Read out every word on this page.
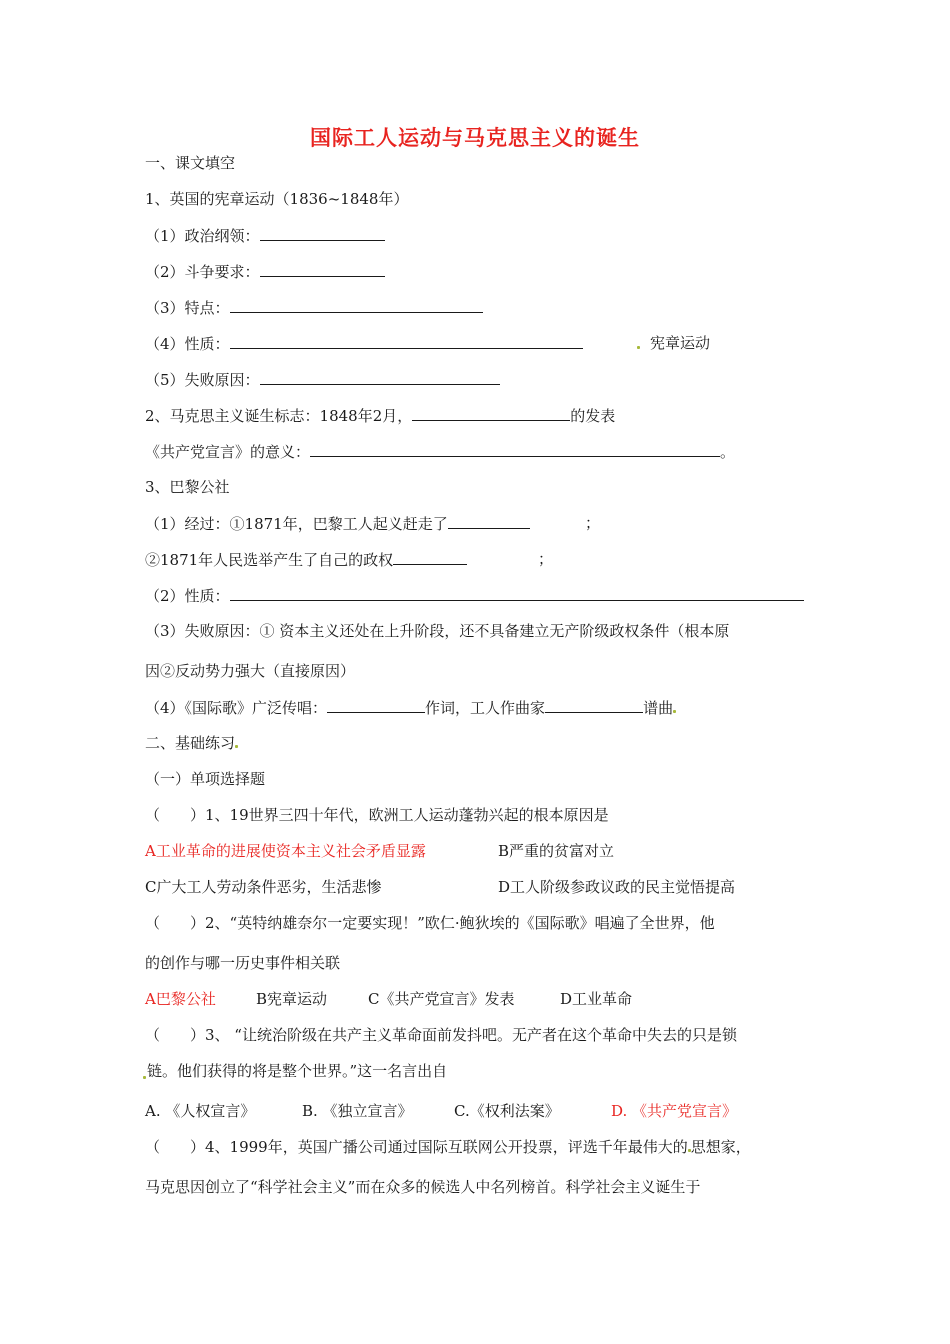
国际工人运动与马克思主义的诞生
一、课文填空
1、英国的宪章运动（1836~1848年）
（1）政治纲领：
（2）斗争要求：
（3）特点：
（4）性质：	宪章运动
（5）失败原因：
2、马克思主义诞生标志：1848年2月，	的发表
《共产党宣言》的意义：	。
3、巴黎公社
（1）经过：①1871年，巴黎工人起义赶走了	；
②1871年人民选举产生了自己的政权	；
（2）性质：
（3）失败原因：① 资本主义还处在上升阶段，还不具备建立无产阶级政权条件（根本原
因②反动势力强大（直接原因）
（4）《国际歌》广泛传唱：	作词，工人作曲家	谱曲
二、基础练习
（一）单项选择题
（　　）1、19世界三四十年代，欧洲工人运动蓬勃兴起的根本原因是
A工业革命的进展使资本主义社会矛盾显露	B严重的贫富对立
C广大工人劳动条件恶劣，生活悲惨	D工人阶级参政议政的民主觉悟提高
（　　）2、“英特纳雄奈尔一定要实现！”欧仁·鲍狄埃的《国际歌》唱遍了全世界，他
的创作与哪一历史事件相关联
A巴黎公社	B宪章运动	C《共产党宣言》发表	D工业革命
（　　）3、 “让统治阶级在共产主义革命面前发抖吧。无产者在这个革命中失去的只是锁
链。他们获得的将是整个世界。”这一名言出自
A. 《人权宣言》	B. 《独立宣言》	C.《权利法案》	D. 《共产党宣言》
（　　）4、1999年，英国广播公司通过国际互联网公开投票，评选千年最伟大的 思想家，
马克思因创立了“科学社会主义”而在众多的候选人中名列榜首。科学社会主义诞生于
